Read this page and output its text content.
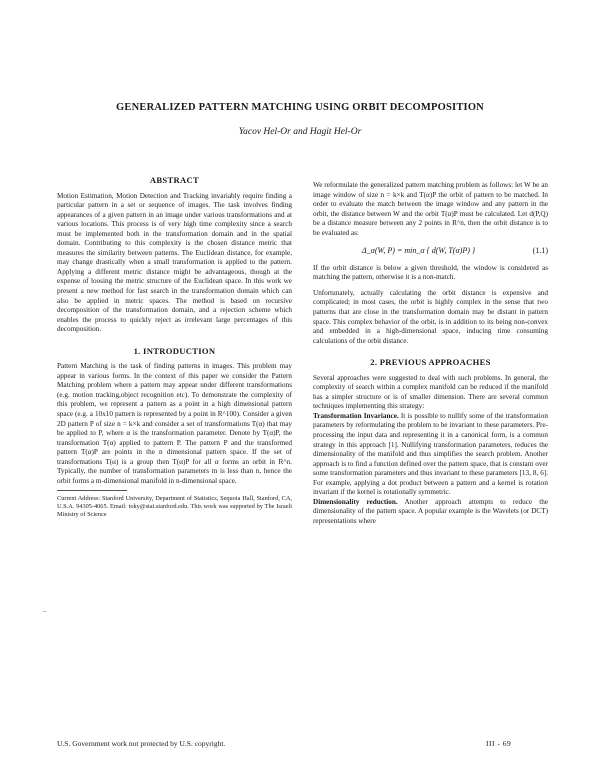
GENERALIZED PATTERN MATCHING USING ORBIT DECOMPOSITION
Yacov Hel-Or and Hagit Hel-Or
ABSTRACT

Motion Estimation, Motion Detection and Tracking invariably require finding a particular pattern in a set or sequence of images. The task involves finding appearances of a given pattern in an image under various transformations and at various locations. This process is of very high time complexity since a search must be implemented both in the transformation domain and in the spatial domain. Contributing to this complexity is the chosen distance metric that measures the similarity between patterns. The Euclidean distance, for example, may change drastically when a small transformation is applied to the pattern. Applying a different metric distance might be advantageous, though at the expense of loosing the metric structure of the Euclidean space. In this work we present a new method for fast search in the transformation domain which can also be applied in metric spaces. The method is based on recursive decomposition of the transformation domain, and a rejection scheme which enables the process to quickly reject as irrelevant large percentages of this decomposition.

1. INTRODUCTION

Pattern Matching is the task of finding patterns in images. This problem may appear in various forms. In the context of this paper we consider the Pattern Matching problem where a pattern may appear under different transformations (e.g. motion tracking,object recognition etc). To demonstrate the complexity of this problem, we represent a pattern as a point in a high dimensional pattern space (e.g. a 10x10 pattern is represented by a point in R^100). Consider a given 2D pattern P of size n = k×k and consider a set of transformations T(α) that may be applied to P, where α is the transformation parameter. Denote by T(α)P, the transformation T(α) applied to pattern P. The pattern P and the transformed pattern T(α)P are points in the n dimensional pattern space. If the set of transformations T(α) is a group then T(α)P for all α forms an orbit in R^n. Typically, the number of transformation parameters m is less than n, hence the orbit forms a m-dimensional manifold in n-dimensional space.

Current Address: Stanford University, Department of Statistics, Sequoia Hall, Stanford, CA, U.S.A. 94305-4065. Email: toky@stat.stanford.edu. This work was supported by The Israeli Ministry of Science

We reformulate the generalized pattern matching problem as follows: let W be an image window of size n = k×k and T(α)P the orbit of pattern to be matched. In order to evaluate the match between the image window and any pattern in the orbit, the distance between W and the orbit T(α)P must be calculated. Let d(P,Q) be a distance measure between any 2 points in R^n, then the orbit distance is to be evaluated as:

Δ_α(W, P) = min_α { d(W, T(α)P) }	(1.1)

If the orbit distance is below a given threshold, the window is considered as matching the pattern, otherwise it is a non-match.

Unfortunately, actually calculating the orbit distance is expensive and complicated; in most cases, the orbit is highly complex in the sense that two patterns that are close in the transformation domain may be distant in pattern space. This complex behavior of the orbit, is in addition to its being non-convex and embedded in a high-dimensional space, inducing time consuming calculations of the orbit distance.

2. PREVIOUS APPROACHES

Several approaches were suggested to deal with such problems. In general, the complexity of search within a complex manifold can be reduced if the manifold has a simpler structure or is of smaller dimension. There are several common techniques implementing this strategy:

Transformation Invariance. It is possible to nullify some of the transformation parameters by reformulating the problem to be invariant to these parameters. Pre-processing the input data and representing it in a canonical form, is a common strategy in this approach [1]. Nullifying transformation parameters, reduces the dimensionality of the manifold and thus simplifies the search problem. Another approach is to find a function defined over the pattern space, that is constant over some transformation parameters and thus invariant to these parameters [13, 8, 6]. For example, applying a dot product between a pattern and a kernel is rotation invariant if the kernel is rotationally symmetric.

Dimensionality reduction. Another approach attempts to reduce the dimensionality of the pattern space. A popular example is the Wavelets (or DCT) representations where

–
U.S. Government work not protected by U.S. copyright.	III - 69
